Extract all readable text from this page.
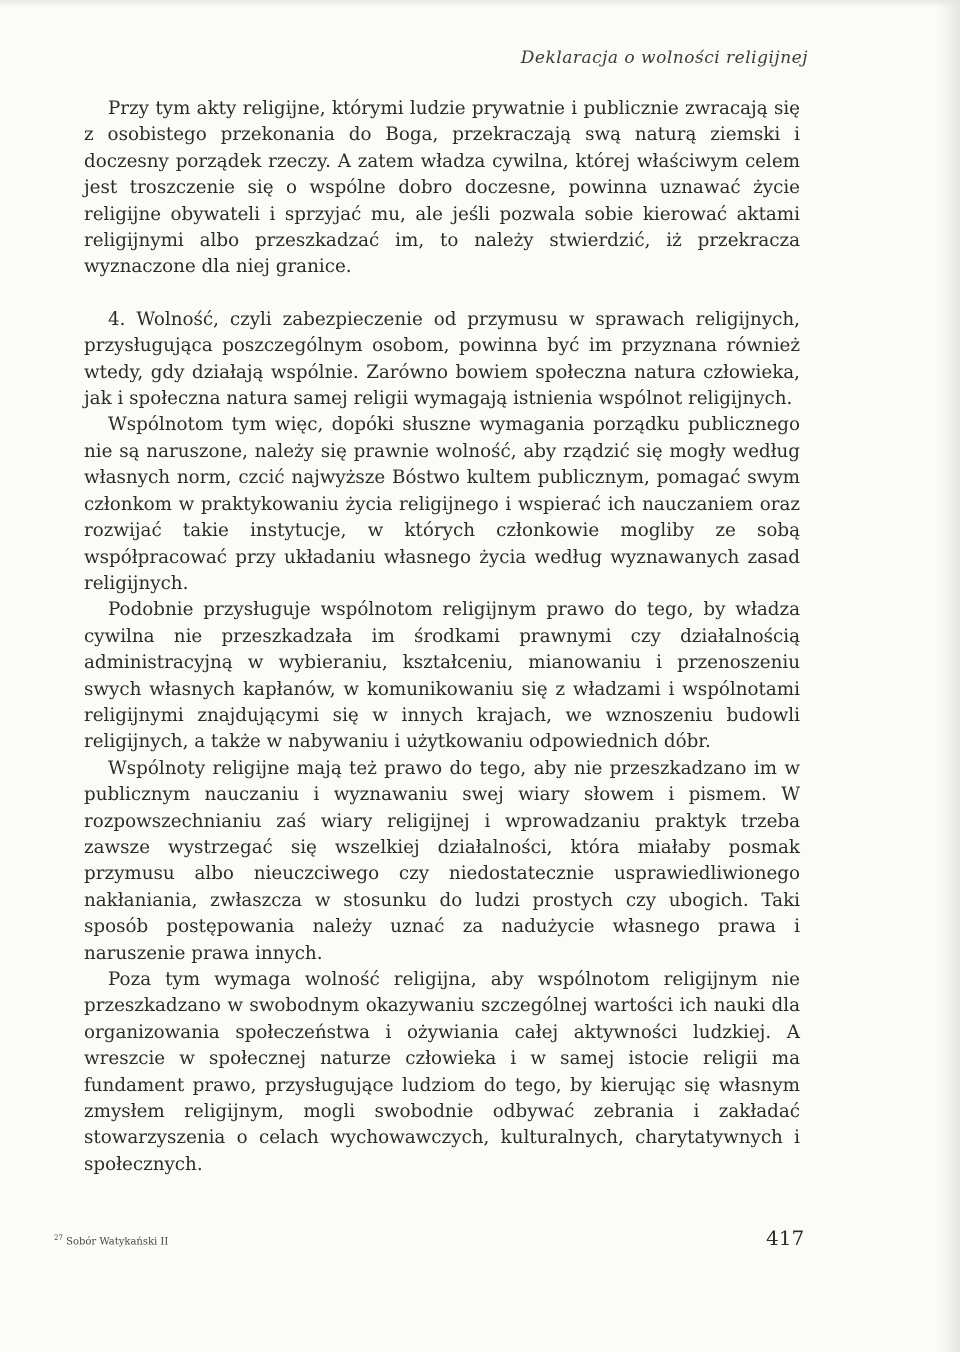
Deklaracja o wolności religijnej

Przy tym akty religijne, którymi ludzie prywatnie i publicznie zwracają się z osobistego przekonania do Boga, przekraczają swą naturą ziemski i doczesny porządek rzeczy. A zatem władza cywilna, której właściwym celem jest troszczenie się o wspólne dobro doczesne, powinna uznawać życie religijne obywateli i sprzyjać mu, ale jeśli pozwala sobie kierować aktami religijnymi albo przeszkadzać im, to należy stwierdzić, iż przekracza wyznaczone dla niej granice.

4. Wolność, czyli zabezpieczenie od przymusu w sprawach religijnych, przysługująca poszczególnym osobom, powinna być im przyznana również wtedy, gdy działają wspólnie. Zarówno bowiem społeczna natura człowieka, jak i społeczna natura samej religii wymagają istnienia wspólnot religijnych.

Wspólnotom tym więc, dopóki słuszne wymagania porządku publicznego nie są naruszone, należy się prawnie wolność, aby rządzić się mogły według własnych norm, czcić najwyższe Bóstwo kultem publicznym, pomagać swym członkom w praktykowaniu życia religijnego i wspierać ich nauczaniem oraz rozwijać takie instytucje, w których członkowie mogliby ze sobą współpracować przy układaniu własnego życia według wyznawanych zasad religijnych.

Podobnie przysługuje wspólnotom religijnym prawo do tego, by władza cywilna nie przeszkadzała im środkami prawnymi czy działalnością administracyjną w wybieraniu, kształceniu, mianowaniu i przenoszeniu swych własnych kapłanów, w komunikowaniu się z władzami i wspólnotami religijnymi znajdującymi się w innych krajach, we wznoszeniu budowli religijnych, a także w nabywaniu i użytkowaniu odpowiednich dóbr.

Wspólnoty religijne mają też prawo do tego, aby nie przeszkadzano im w publicznym nauczaniu i wyznawaniu swej wiary słowem i pismem. W rozpowszechnianiu zaś wiary religijnej i wprowadzaniu praktyk trzeba zawsze wystrzegać się wszelkiej działalności, która miałaby posmak przymusu albo nieuczciwego czy niedostatecznie usprawiedliwionego nakłaniania, zwłaszcza w stosunku do ludzi prostych czy ubogich. Taki sposób postępowania należy uznać za nadużycie własnego prawa i naruszenie prawa innych.

Poza tym wymaga wolność religijna, aby wspólnotom religijnym nie przeszkadzano w swobodnym okazywaniu szczególnej wartości ich nauki dla organizowania społeczeństwa i ożywiania całej aktywności ludzkiej. A wreszcie w społecznej naturze człowieka i w samej istocie religii ma fundament prawo, przysługujące ludziom do tego, by kierując się własnym zmysłem religijnym, mogli swobodnie odbywać zebrania i zakładać stowarzyszenia o celach wychowawczych, kulturalnych, charytatywnych i społecznych.

$^{27}$ Sobór Watykański II	417
